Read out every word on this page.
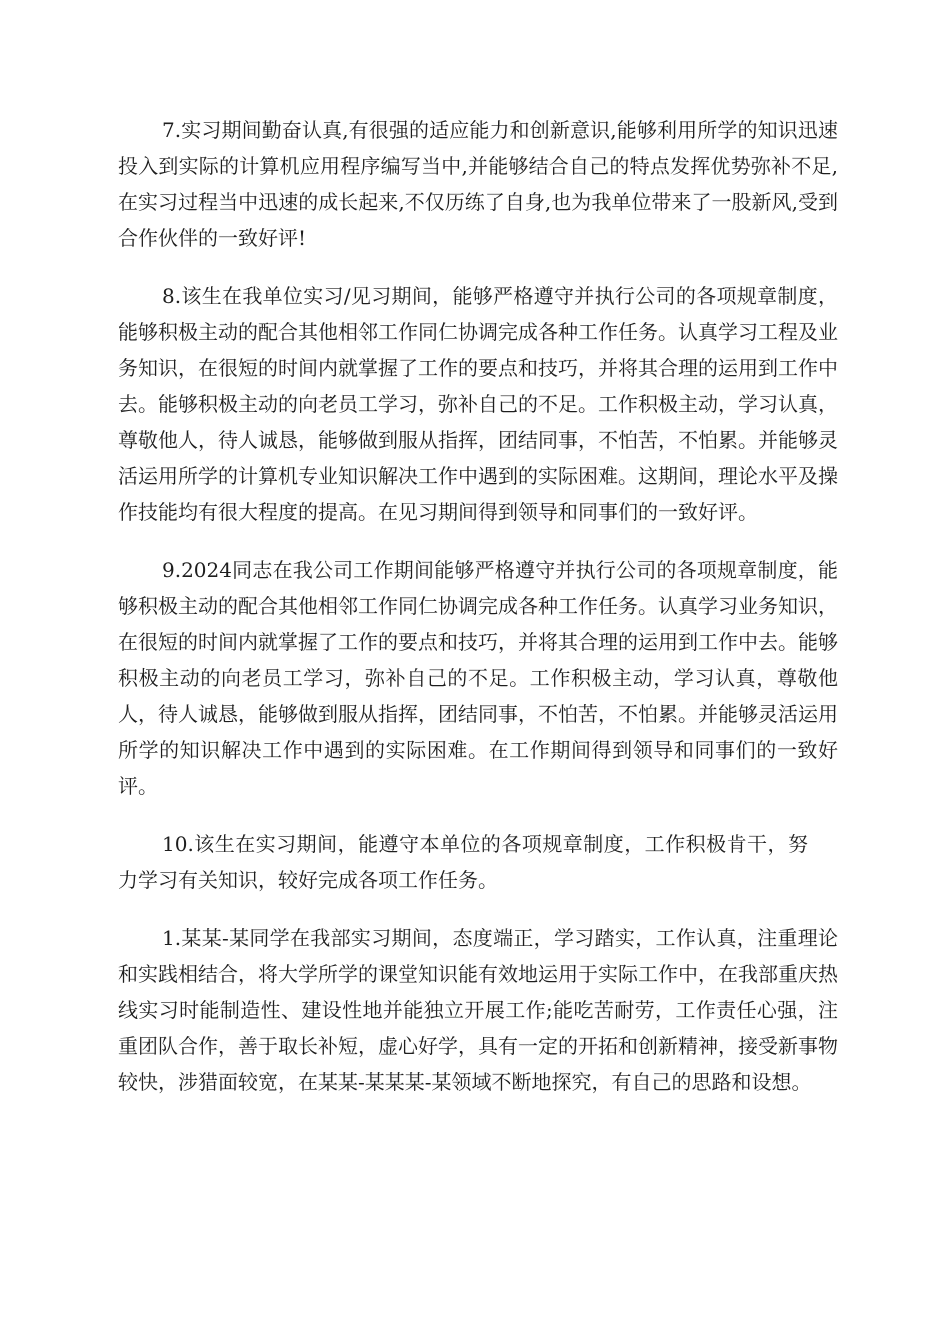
7.实习期间勤奋认真,有很强的适应能力和创新意识,能够利用所学的知识迅速投入到实际的计算机应用程序编写当中,并能够结合自己的特点发挥优势弥补不足,在实习过程当中迅速的成长起来,不仅历练了自身,也为我单位带来了一股新风,受到合作伙伴的一致好评!

8.该生在我单位实习/见习期间，能够严格遵守并执行公司的各项规章制度，能够积极主动的配合其他相邻工作同仁协调完成各种工作任务。认真学习工程及业务知识，在很短的时间内就掌握了工作的要点和技巧，并将其合理的运用到工作中去。能够积极主动的向老员工学习，弥补自己的不足。工作积极主动，学习认真，尊敬他人，待人诚恳，能够做到服从指挥，团结同事，不怕苦，不怕累。并能够灵活运用所学的计算机专业知识解决工作中遇到的实际困难。这期间，理论水平及操作技能均有很大程度的提高。在见习期间得到领导和同事们的一致好评。

9.2024同志在我公司工作期间能够严格遵守并执行公司的各项规章制度，能够积极主动的配合其他相邻工作同仁协调完成各种工作任务。认真学习业务知识，在很短的时间内就掌握了工作的要点和技巧，并将其合理的运用到工作中去。能够积极主动的向老员工学习，弥补自己的不足。工作积极主动，学习认真，尊敬他人，待人诚恳，能够做到服从指挥，团结同事，不怕苦，不怕累。并能够灵活运用所学的知识解决工作中遇到的实际困难。在工作期间得到领导和同事们的一致好评。

10.该生在实习期间，能遵守本单位的各项规章制度，工作积极肯干，努力学习有关知识，较好完成各项工作任务。

1.某某-某同学在我部实习期间，态度端正，学习踏实，工作认真，注重理论和实践相结合，将大学所学的课堂知识能有效地运用于实际工作中，在我部重庆热线实习时能制造性、建设性地并能独立开展工作;能吃苦耐劳，工作责任心强，注重团队合作，善于取长补短，虚心好学，具有一定的开拓和创新精神，接受新事物较快，涉猎面较宽，在某某-某某某-某领域不断地探究，有自己的思路和设想。
